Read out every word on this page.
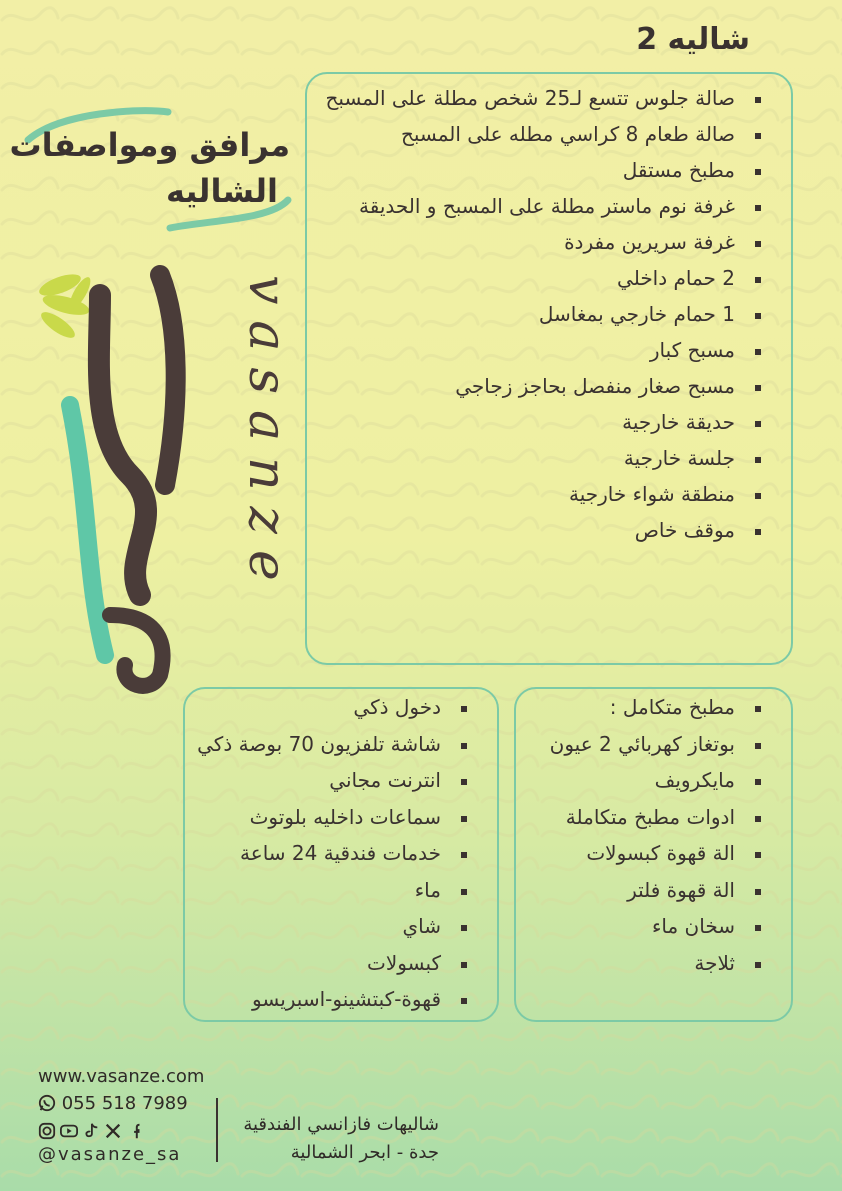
شاليه 2
صالة جلوس تتسع لـ25 شخص مطلة على المسبح
صالة طعام 8 كراسي مطله على المسبح
مطبخ مستقل
غرفة نوم ماستر مطلة على المسبح و الحديقة
غرفة سريرين مفردة
2 حمام داخلي
1 حمام خارجي بمغاسل
مسبح كبار
مسبح صغار منفصل بحاجز زجاجي
حديقة خارجية
جلسة خارجية
منطقة شواء خارجية
موقف خاص
مطبخ متكامل :
بوتغاز كهربائي 2 عيون
مايكرويف
ادوات مطبخ متكاملة
الة قهوة كبسولات
الة قهوة فلتر
سخان ماء
ثلاجة
دخول ذكي
شاشة تلفزيون 70 بوصة ذكي
انترنت مجاني
سماعات داخليه بلوتوث
خدمات فندقية 24 ساعة
ماء
شاي
كبسولات
قهوة-كبتشينو-اسبريسو
مرافق ومواصفات
الشاليه
vasanze
www.vasanze.com
055 518 7989
@vasanze_sa
شاليهات فازانسي الفندقية
جدة - ابحر الشمالية
